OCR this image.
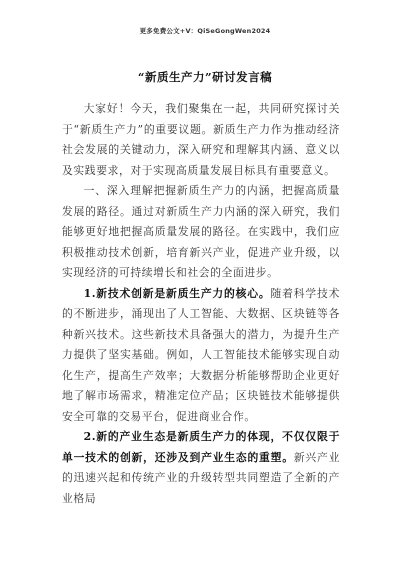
更多免费公文+V：QiSeGongWen2024
“新质生产力”研讨发言稿

大家好！今天，我们聚集在一起，共同研究探讨关于“新质生产力”的重要议题。新质生产力作为推动经济社会发展的关键动力，深入研究和理解其内涵、意义以及实践要求，对于实现高质量发展目标具有重要意义。

一、深入理解把握新质生产力的内涵，把握高质量发展的路径。通过对新质生产力内涵的深入研究，我们能够更好地把握高质量发展的路径。在实践中，我们应积极推动技术创新，培育新兴产业，促进产业升级，以实现经济的可持续增长和社会的全面进步。

1.新技术创新是新质生产力的核心。随着科学技术的不断进步，涌现出了人工智能、大数据、区块链等各种新兴技术。这些新技术具备强大的潜力，为提升生产力提供了坚实基础。例如，人工智能技术能够实现自动化生产，提高生产效率；大数据分析能够帮助企业更好地了解市场需求，精准定位产品；区块链技术能够提供安全可靠的交易平台，促进商业合作。

2.新的产业生态是新质生产力的体现，不仅仅限于单一技术的创新，还涉及到产业生态的重塑。新兴产业的迅速兴起和传统产业的升级转型共同塑造了全新的产业格局
